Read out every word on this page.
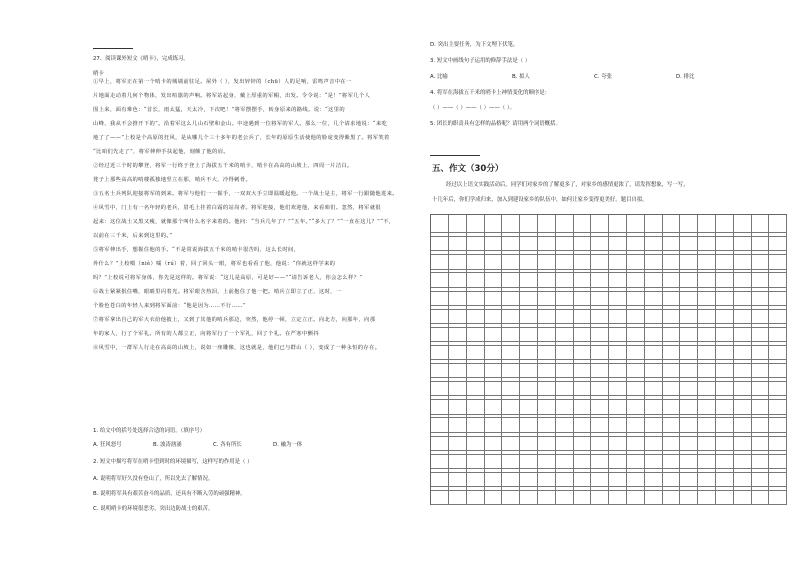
27、阅读课外短文《哨卡》，完成练习。
哨卡
①早上，将军正在第一个哨卡的城墙前驻足。屋外（ ），发出锌锌的（chū）人的足响，雷鸣声音中在一
片地面走动着几何个物体，发出喧嚣的声响。将军站起身，戴上厚重的军帽，出发。令令说：“是！”将军几个人
围上来，面有难色：“首长，雨太猛，天太冷，下次吧！”将军摆摆手，转身原来的路线。说：“这里的
山峰，我从不会推开下的”。沿着军这么几山石壁和金山。中途遇到一位将军的军人。那么一位，几个请求地说：“来吃
地了了——”上校是个高原的狂风，是从哪儿个三十多年的老公兵了，长年的原原生活使他的脸庞变得紫黑了。将军笑着
“比咱们先走了”，将军伸伸手扶起他，刻颇了他的肩。
②经过近三个时的攀登，将军一行终于登上了海拔五千米的哨卡，哨卡在高高的山坡上，四周一片洁白。
凳子上那些高高的哨楼孤独地竖立在那，哨兵不大，冷得刺骨。
③五名士兵列队迎接将军的到来。将军与他们一一握手，一双双大手立即温暖起他。一个战士是主，将军一行跟随他进来。
④风雪中，门上有一名年轻的老兵，眉毛上挂着白霜的站岗者。将军迎接，他们欢迎他，来看咱们。忽然，将军就很
起来：这位战士又黑又瘦，就像那个叫什么名字来着的。他问：“当兵几年了？”“五年。”“多大了？”“一直在这儿？”“不，
以前在三千米，后来到这里的。”
⑤将军伸出手，想握住他的手。“不是常说海拔五千米的哨卡很苦吗，这么长时间，
外什么？”上校嗫（niè）嚅（rú）着，回了回头一眼，将军也看看了他，他说：“你就这样学来的
吗？”上校说可将军身体，你先是这样的。将军说：“这儿是高原，可是好——”“请告诉老人，你会怎么样？”
⑥战士紧紧抿住嘴，眼睛里闪着光。将军眼含热泪，上前抱住了他一把。哨兵立即立了正，这时，一
个脸色苍白的年轻人来到将军面前：“他是因为……不行……”
⑦将军拿出自己的军大衣给他披上，又到了其他的哨兵那边，突然，他停一顿，立定立正。向北方，向那年，向那
年的家人，行了个军礼。所有的人都立正，向将军行了一个军礼，回了个礼。在严寒中颤抖
⑧风雪中，一群军人行走在高高的山坡上，说如一座雕像，这也就是，他们已与群山（ ），变成了一种永恒的存在。
1. 给文中的括号处选择合适的词语。（填序号）
A. 狂风怒号	B. 波涛汹涌	C. 各有所长	D. 融为一体
2. 短文中描写将军在哨卡望到时的环境描写，这样写的作用是（ ）
A. 说明将军好久没有登山了，所以先去了解情况。
B. 说明将军具有艰苦奋斗的品质，还具有不断入劳的顽强精神。
C. 说明哨卡的环境很恶劣，突出边防战士的艰苦。
D. 突出主要任务，为下文埋下伏笔。
3. 短文中画线句子运用的修辞手法是（ ）
A. 比喻	B. 拟人	C. 夸张	D. 排比
4. 将军在海拔五千米的哨卡上神情变化的顺序是：
（ ）——（ ）——（ ）——（ ）。
5. 团长的职责具有怎样的品格呢？请用两个词语概括。
五、作文（30分）
经过以上语文实践活动后，同学们对家乡的了解更多了，对家乡的感情更浓了，请发挥想象，写一写，
十几年后，你们学成归来，加入到建设家乡的队伍中，如何让家乡变得更美好。题目自拟。
